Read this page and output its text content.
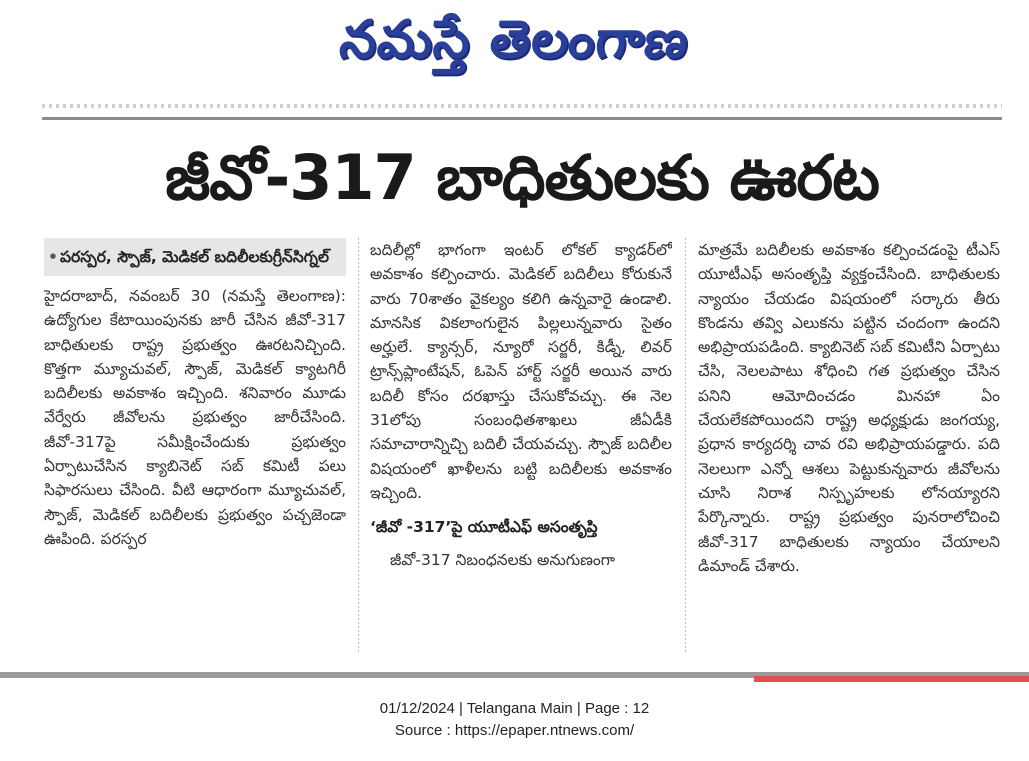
నమస్తే తెలంగాణ
జీవో-317 బాధితులకు ఊరట
• పరస్పర, స్పౌజ్, మెడికల్ బదిలీలకుగ్రీన్‌సిగ్నల్

హైదరాబాద్, నవంబర్ 30 (నమస్తే తెలంగాణ): ఉద్యోగుల కేటాయింపునకు జారీ చేసిన జీవో-317 బాధితులకు రాష్ట్ర ప్రభుత్వం ఊరటనిచ్చింది. కొత్తగా మ్యూచువల్, స్పౌజ్, మెడికల్ క్యాటగిరీ బదిలీలకు అవకాశం ఇచ్చింది. శనివారం మూడు వేర్వేరు జీవోలను ప్రభుత్వం జారీచేసింది. జీవో-317పై సమీక్షించేందుకు ప్రభుత్వం ఏర్పాటుచేసిన క్యాబినెట్ సబ్ కమిటీ పలు సిఫారసులు చేసింది. వీటి ఆధారంగా మ్యూచువల్, స్పౌజ్, మెడికల్ బదిలీలకు ప్రభుత్వం పచ్చజెండా ఊపింది. పరస్పర

బదిలీల్లో భాగంగా ఇంటర్ లోకల్ క్యాడర్‌లో అవకాశం కల్పించారు. మెడికల్ బదిలీలు కోరుకునే వారు 70శాతం వైకల్యం కలిగి ఉన్నవారై ఉండాలి. మానసిక వికలాంగులైన పిల్లలున్నవారు సైతం అర్హులే. క్యాన్సర్, న్యూరో సర్జరీ, కిడ్నీ, లివర్ ట్రాన్స్‌ప్లాంటేషన్, ఓపెన్ హార్ట్ సర్జరీ అయిన వారు బదిలీ కోసం దరఖాస్తు చేసుకోవచ్చు. ఈ నెల 31లోపు సంబంధితశాఖలు జీఏడీకి సమాచారాన్నిచ్చి బదిలీ చేయవచ్చు. స్పౌజ్ బదిలీల విషయంలో ఖాళీలను బట్టి బదిలీలకు అవకాశం ఇచ్చింది.

‘జీవో -317’పై యూటీఎఫ్ అసంతృప్తి

జీవో-317 నిబంధనలకు అనుగుణంగా

మాత్రమే బదిలీలకు అవకాశం కల్పించడంపై టీఎస్ యూటీఎఫ్ అసంతృప్తి వ్యక్తంచేసింది. బాధితులకు న్యాయం చేయడం విషయంలో సర్కారు తీరు కొండను తవ్వి ఎలుకను పట్టిన చందంగా ఉందని అభిప్రాయపడింది. క్యాబినెట్ సబ్ కమిటీని ఏర్పాటు చేసి, నెలలపాటు శోధించి గత ప్రభుత్వం చేసిన పనిని ఆమోదించడం మినహా ఏం చేయలేకపోయిందని రాష్ట్ర అధ్యక్షుడు జంగయ్య, ప్రధాన కార్యదర్శి చావ రవి అభిప్రాయపడ్డారు. పది నెలలుగా ఎన్నో ఆశలు పెట్టుకున్నవారు జీవోలను చూసి నిరాశ నిస్పృహలకు లోనయ్యారని పేర్కొన్నారు. రాష్ట్ర ప్రభుత్వం పునరాలోచించి జీవో-317 బాధితులకు న్యాయం చేయాలని డిమాండ్ చేశారు.

01/12/2024 | Telangana Main | Page : 12
Source : https://epaper.ntnews.com/
